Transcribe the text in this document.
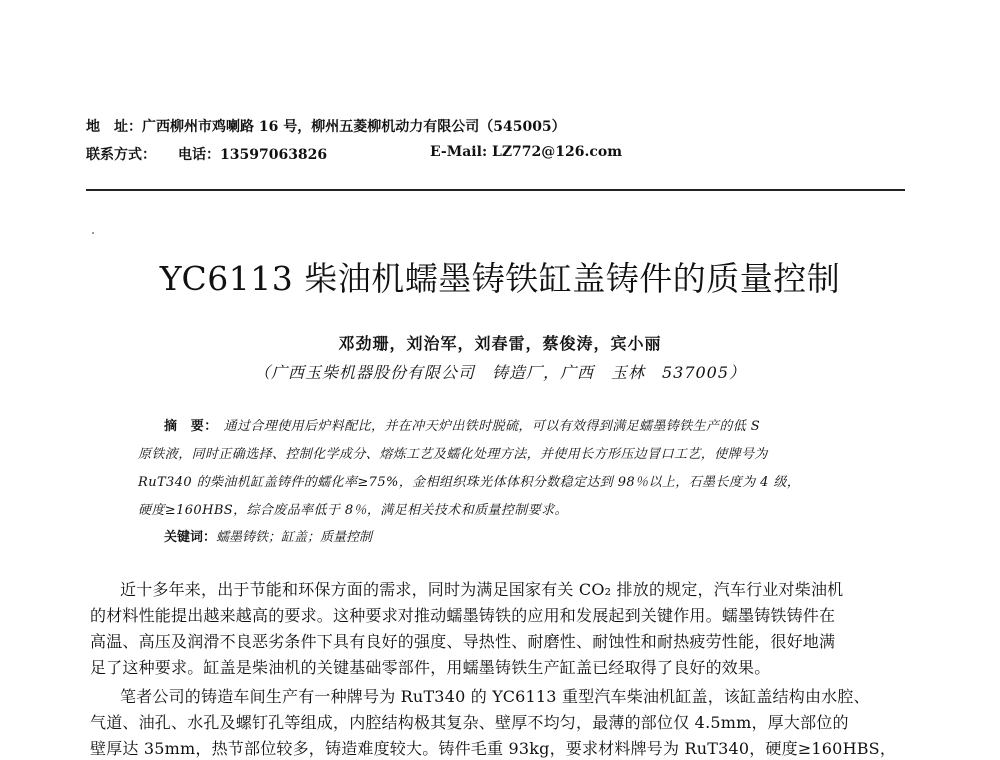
地　址：广西柳州市鸡喇路 16 号，柳州五菱柳机动力有限公司（545005）
联系方式： 电话：13597063826	E-Mail: LZ772@126.com
YC6113 柴油机蠕墨铸铁缸盖铸件的质量控制
邓劲珊，刘治军，刘春雷，蔡俊涛，宾小丽
（广西玉柴机器股份有限公司　铸造厂，广西　玉林　537005）
摘　要： 通过合理使用后炉料配比，并在冲天炉出铁时脱硫，可以有效得到满足蠕墨铸铁生产的低 S
原铁液，同时正确选择、控制化学成分、熔炼工艺及蠕化处理方法，并使用长方形压边冒口工艺，使牌号为
RuT340 的柴油机缸盖铸件的蠕化率≥75%，金相组织珠光体体积分数稳定达到 98％以上，石墨长度为 4 级，
硬度≥160HBS，综合废品率低于 8％，满足相关技术和质量控制要求。
关键词：蠕墨铸铁；缸盖；质量控制
近十多年来，出于节能和环保方面的需求，同时为满足国家有关 CO₂ 排放的规定，汽车行业对柴油机
的材料性能提出越来越高的要求。这种要求对推动蠕墨铸铁的应用和发展起到关键作用。蠕墨铸铁铸件在
高温、高压及润滑不良恶劣条件下具有良好的强度、导热性、耐磨性、耐蚀性和耐热疲劳性能，很好地满
足了这种要求。缸盖是柴油机的关键基础零部件，用蠕墨铸铁生产缸盖已经取得了良好的效果。
笔者公司的铸造车间生产有一种牌号为 RuT340 的 YC6113 重型汽车柴油机缸盖，该缸盖结构由水腔、
气道、油孔、水孔及螺钉孔等组成，内腔结构极其复杂、壁厚不均匀，最薄的部位仅 4.5mm，厚大部位的
壁厚达 35mm，热节部位较多，铸造难度较大。铸件毛重 93kg，要求材料牌号为 RuT340，硬度≥160HBS，
